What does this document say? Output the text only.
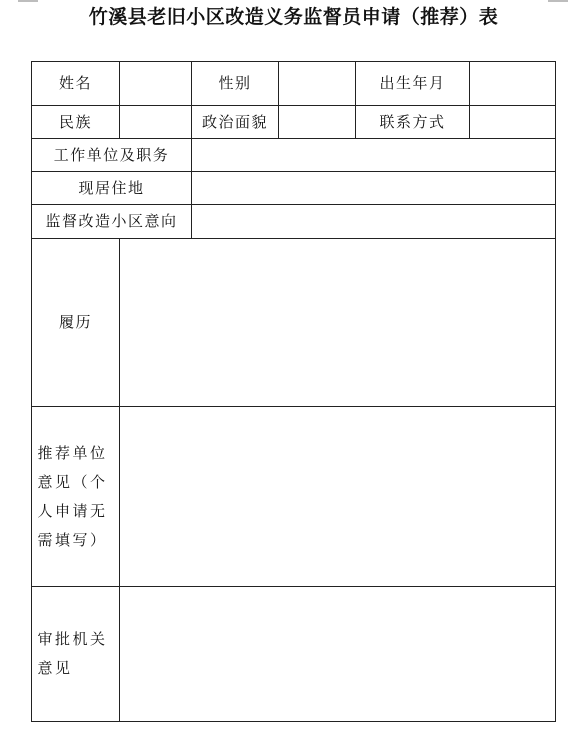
竹溪县老旧小区改造义务监督员申请（推荐）表
姓名	性别	出生年月
民族	政治面貌	联系方式
工作单位及职务
现居住地
监督改造小区意向
履历
推荐单位意见（个人申请无需填写）
审批机关意见
